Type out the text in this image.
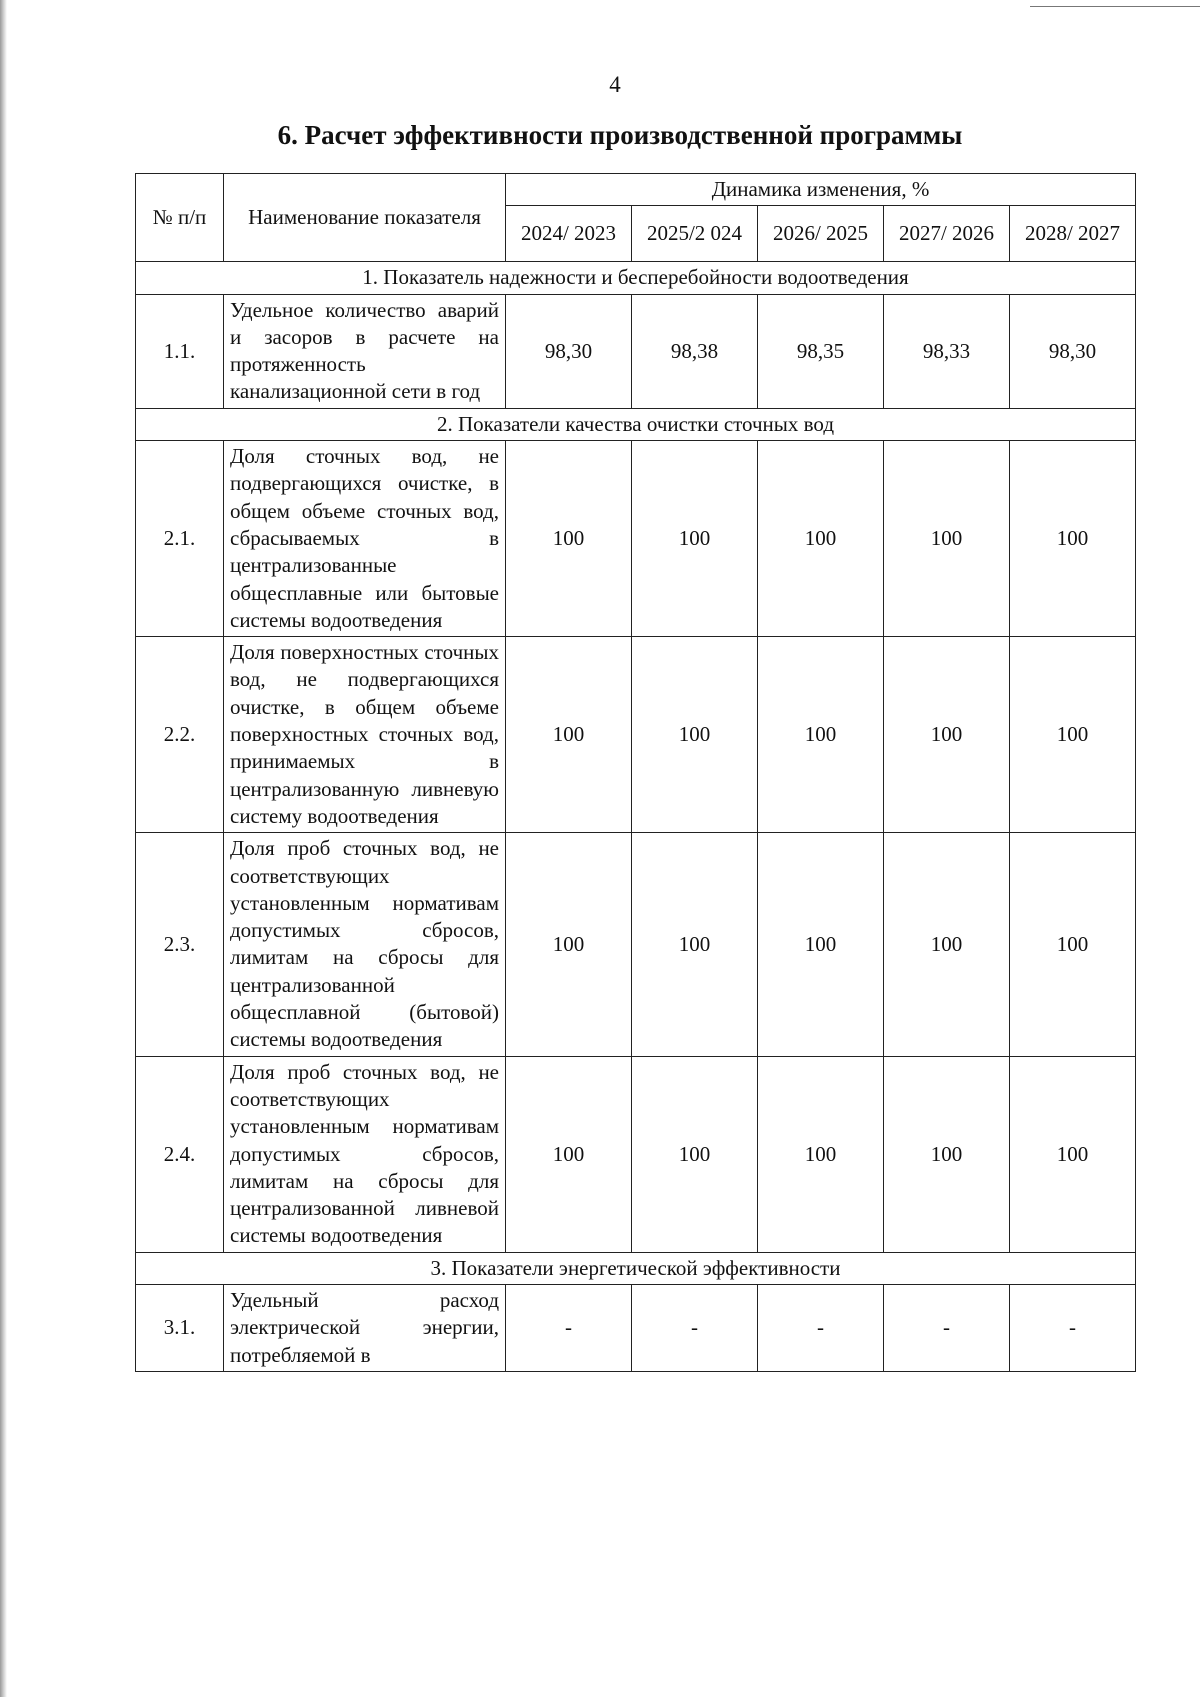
4
6. Расчет эффективности производственной программы
№ п/п	Наименование показателя	Динамика изменения, %				
		2024/ 2023	2025/2 024	2026/ 2025	2027/ 2026	2028/ 2027
1. Показатель надежности и бесперебойности водоотведения						
1.1.	Удельное количество аварий и засоров в расчете на протяженность канализационной сети в год	98,30	98,38	98,35	98,33	98,30
2. Показатели качества очистки сточных вод						
2.1.	Доля сточных вод, не подвергающихся очистке, в общем объеме сточных вод, сбрасываемых в централизованные общесплавные или бытовые системы водоотведения	100	100	100	100	100
2.2.	Доля поверхностных сточных вод, не подвергающихся очистке, в общем объеме поверхностных сточных вод, принимаемых в централизованную ливневую систему водоотведения	100	100	100	100	100
2.3.	Доля проб сточных вод, не соответствующих установленным нормативам допустимых сбросов, лимитам на сбросы для централизованной общесплавной (бытовой) системы водоотведения	100	100	100	100	100
2.4.	Доля проб сточных вод, не соответствующих установленным нормативам допустимых сбросов, лимитам на сбросы для централизованной ливневой системы водоотведения	100	100	100	100	100
3. Показатели энергетической эффективности						
3.1.	Удельный расход электрической энергии, потребляемой в	-	-	-	-	-
